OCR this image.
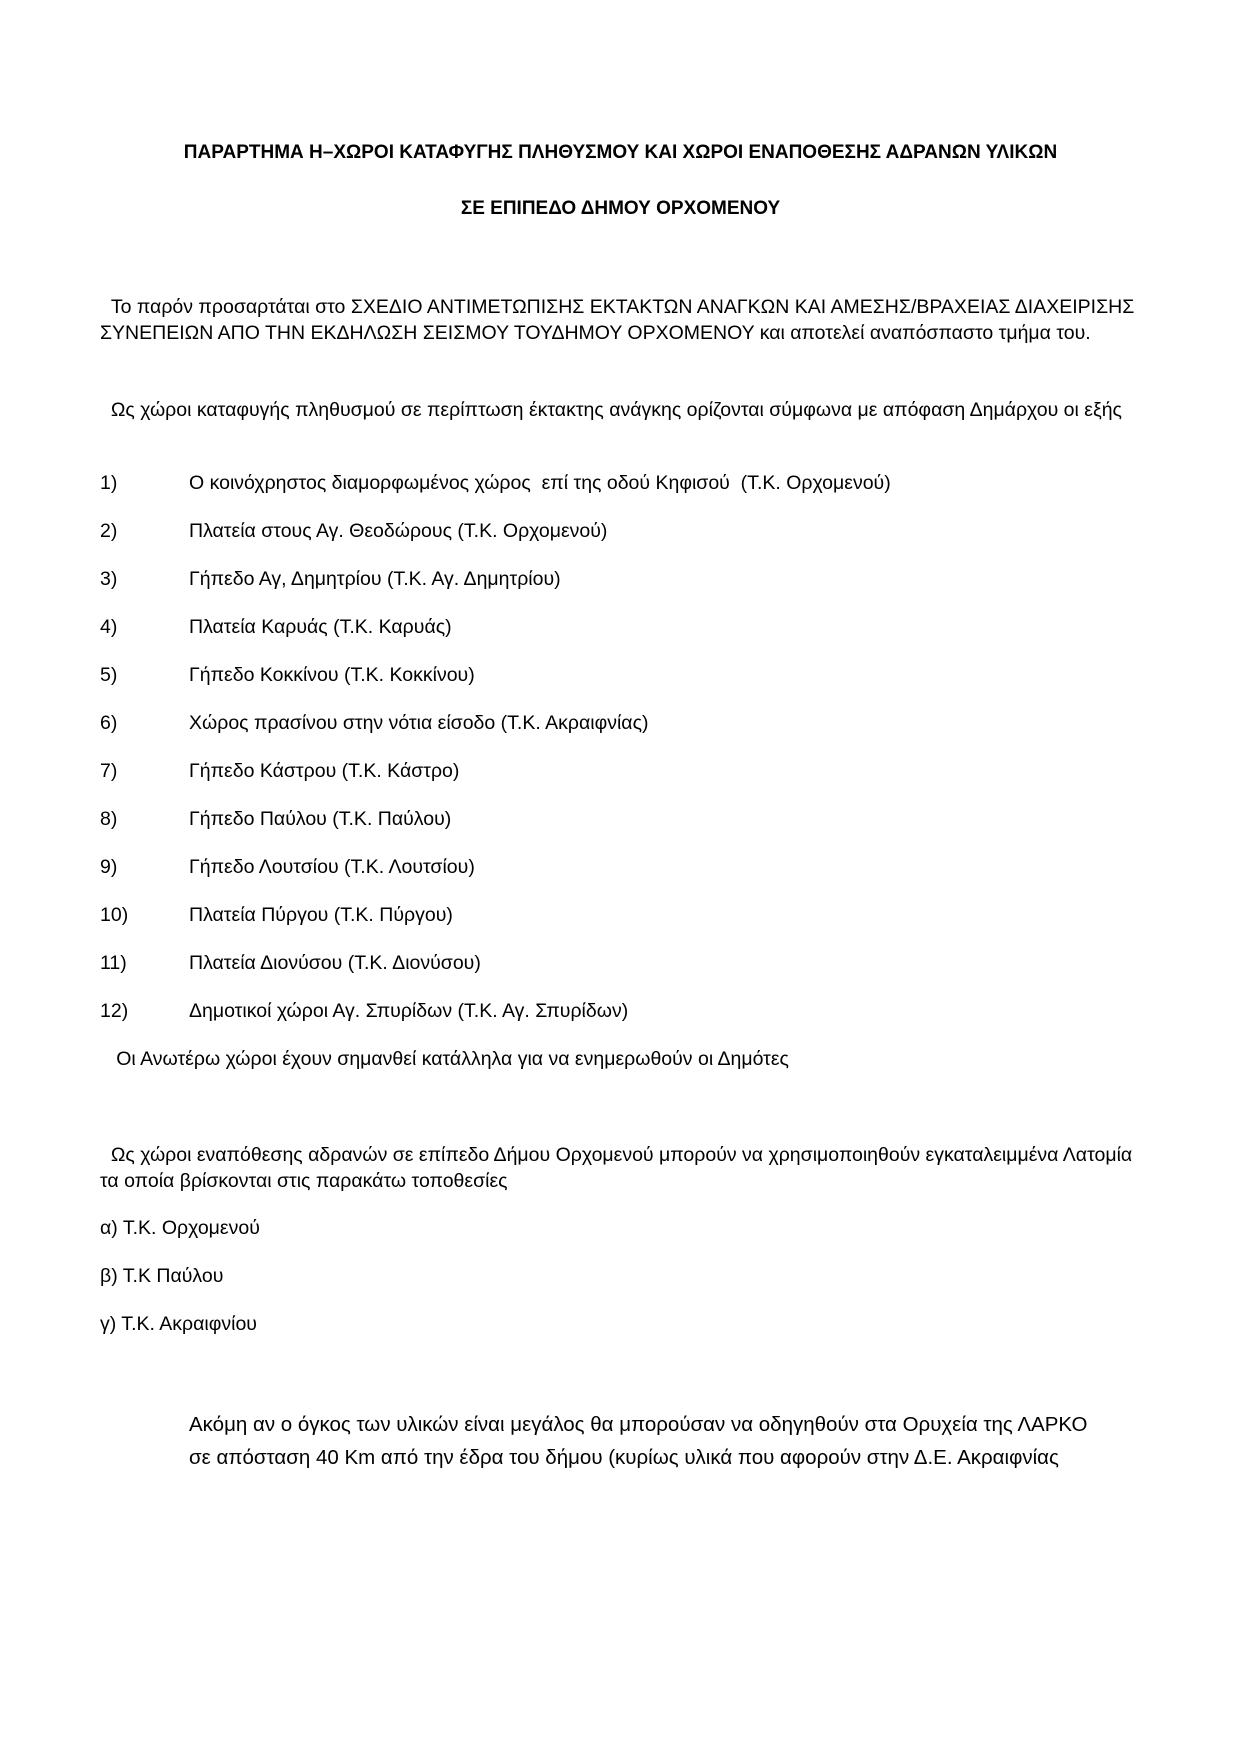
ΠΑΡΑΡΤΗΜΑ Η–ΧΩΡΟΙ ΚΑΤΑΦΥΓΗΣ ΠΛΗΘΥΣΜΟΥ ΚΑΙ ΧΩΡΟΙ ΕΝΑΠΟΘΕΣΗΣ ΑΔΡΑΝΩΝ ΥΛΙΚΩΝ
ΣΕ ΕΠΙΠΕΔΟ ΔΗΜΟΥ ΟΡΧΟΜΕΝΟΥ
Το παρόν προσαρτάται στο ΣΧΕΔΙΟ ΑΝΤΙΜΕΤΩΠΙΣΗΣ ΕΚΤΑΚΤΩΝ ΑΝΑΓΚΩΝ ΚΑΙ ΑΜΕΣΗΣ/ΒΡΑΧΕΙΑΣ ΔΙΑΧΕΙΡΙΣΗΣ ΣΥΝΕΠΕΙΩΝ ΑΠΟ ΤΗΝ ΕΚΔΗΛΩΣΗ ΣΕΙΣΜΟΥ ΤΟΥΔΗΜΟΥ ΟΡΧΟΜΕΝΟΥ και αποτελεί αναπόσπαστο τμήμα του.
Ως χώροι καταφυγής πληθυσμού σε περίπτωση έκτακτης ανάγκης ορίζονται σύμφωνα με απόφαση Δημάρχου οι εξής
1)	Ο κοινόχρηστος διαμορφωμένος χώρος  επί της οδού Κηφισού  (Τ.Κ. Ορχομενού)
2)	Πλατεία στους Αγ. Θεοδώρους (Τ.Κ. Ορχομενού)
3)	Γήπεδο Αγ, Δημητρίου (Τ.Κ. Αγ. Δημητρίου)
4)	Πλατεία Καρυάς (Τ.Κ. Καρυάς)
5)	Γήπεδο Κοκκίνου (Τ.Κ. Κοκκίνου)
6)	Χώρος πρασίνου στην νότια είσοδο (Τ.Κ. Ακραιφνίας)
7)	Γήπεδο Κάστρου (Τ.Κ. Κάστρο)
8)	Γήπεδο Παύλου (Τ.Κ. Παύλου)
9)	Γήπεδο Λουτσίου (Τ.Κ. Λουτσίου)
10)	Πλατεία Πύργου (Τ.Κ. Πύργου)
11)	Πλατεία Διονύσου (Τ.Κ. Διονύσου)
12)	Δημοτικοί χώροι Αγ. Σπυρίδων (Τ.Κ. Αγ. Σπυρίδων)
Οι Ανωτέρω χώροι έχουν σημανθεί κατάλληλα για να ενημερωθούν οι Δημότες
Ως χώροι εναπόθεσης αδρανών σε επίπεδο Δήμου Ορχομενού μπορούν να χρησιμοποιηθούν εγκαταλειμμένα Λατομία τα οποία βρίσκονται στις παρακάτω τοποθεσίες
α) Τ.Κ. Ορχομενού
β) Τ.Κ Παύλου
γ) Τ.Κ. Ακραιφνίου
Ακόμη αν ο όγκος των υλικών είναι μεγάλος θα μπορούσαν να οδηγηθούν στα Ορυχεία της ΛΑΡΚΟ σε απόσταση 40 Km από την έδρα του δήμου (κυρίως υλικά που αφορούν στην Δ.Ε. Ακραιφνίας
